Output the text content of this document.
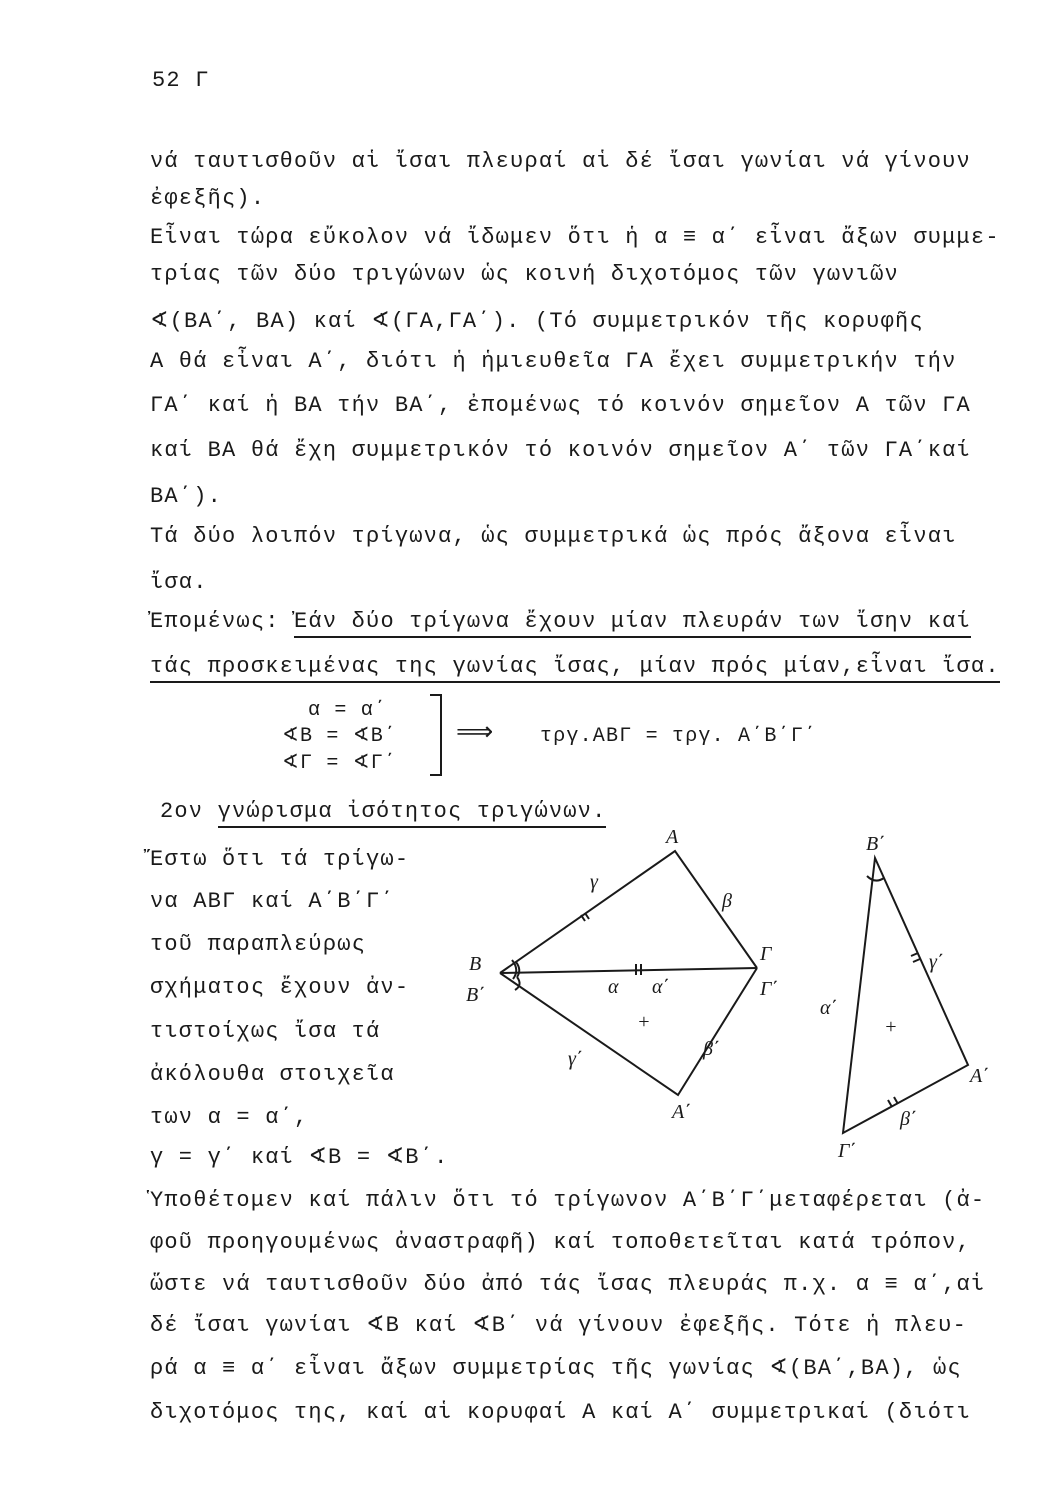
52 Γ
νά ταυτισθοῦν αἱ ἴσαι πλευραί αἱ δέ ἴσαι γωνίαι νά γίνουν
ἐφεξῆς).
Εἶναι τώρα εὔκολον νά ἴδωμεν ὅτι ἡ α ≡ α΄ εἶναι ἄξων συμμε-
τρίας τῶν δύο τριγώνων ὡς κοινή διχοτόμος τῶν γωνιῶν
∢(ΒΑ΄, ΒΑ) καί ∢(ΓΑ,ΓΑ΄). (Τό συμμετρικόν τῆς κορυφῆς
Α θά εἶναι Α΄, διότι ἡ ἡμιευθεῖα ΓΑ ἔχει συμμετρικήν τήν
ΓΑ΄ καί ἡ ΒΑ τήν ΒΑ΄, ἐπομένως τό κοινόν σημεῖον Α τῶν ΓΑ
καί ΒΑ θά ἔχη συμμετρικόν τό κοινόν σημεῖον Α΄ τῶν ΓΑ΄καί
ΒΑ΄).
Τά δύο λοιπόν τρίγωνα, ὡς συμμετρικά ὡς πρός ἄξονα εἶναι
ἴσα.
Ἐπομένως: Ἐάν δύο τρίγωνα ἔχουν μίαν πλευράν των ἴσην καί
τάς προσκειμένας της γωνίας ἴσας, μίαν πρός μίαν,εἶναι ἴσα.
α = α΄
∢Β = ∢Β΄
∢Γ = ∢Γ΄
⟹ τργ.ΑΒΓ = τργ. Α΄Β΄Γ΄
2ον γνώρισμα ἰσότητος τριγώνων.
Ἔστω ὅτι τά τρίγω-
να ΑΒΓ καί Α΄Β΄Γ΄
τοῦ παραπλεύρως
σχήματος ἔχουν ἀν-
τιστοίχως ἴσα τά
ἀκόλουθα στοιχεῖα
των α = α΄,
γ = γ΄ καί ∢Β = ∢Β΄.
Α
Β
Β΄
Γ
Γ΄
Α΄
γ
β
α α΄
γ΄	β΄
+
Β΄
γ΄
α΄
+
Α΄
β΄
Γ΄
Ὑποθέτομεν καί πάλιν ὅτι τό τρίγωνον Α΄Β΄Γ΄μεταφέρεται (ἀ-
φοῦ προηγουμένως ἀναστραφῆ) καί τοποθετεῖται κατά τρόπον,
ὥστε νά ταυτισθοῦν δύο ἀπό τάς ἴσας πλευράς π.χ. α ≡ α΄,αἱ
δέ ἴσαι γωνίαι ∢Β καί ∢Β΄ νά γίνουν ἐφεξῆς. Τότε ἡ πλευ-
ρά α ≡ α΄ εἶναι ἄξων συμμετρίας τῆς γωνίας ∢(ΒΑ΄,ΒΑ), ὡς
διχοτόμος της, καί αἱ κορυφαί Α καί Α΄ συμμετρικαί (διότι
